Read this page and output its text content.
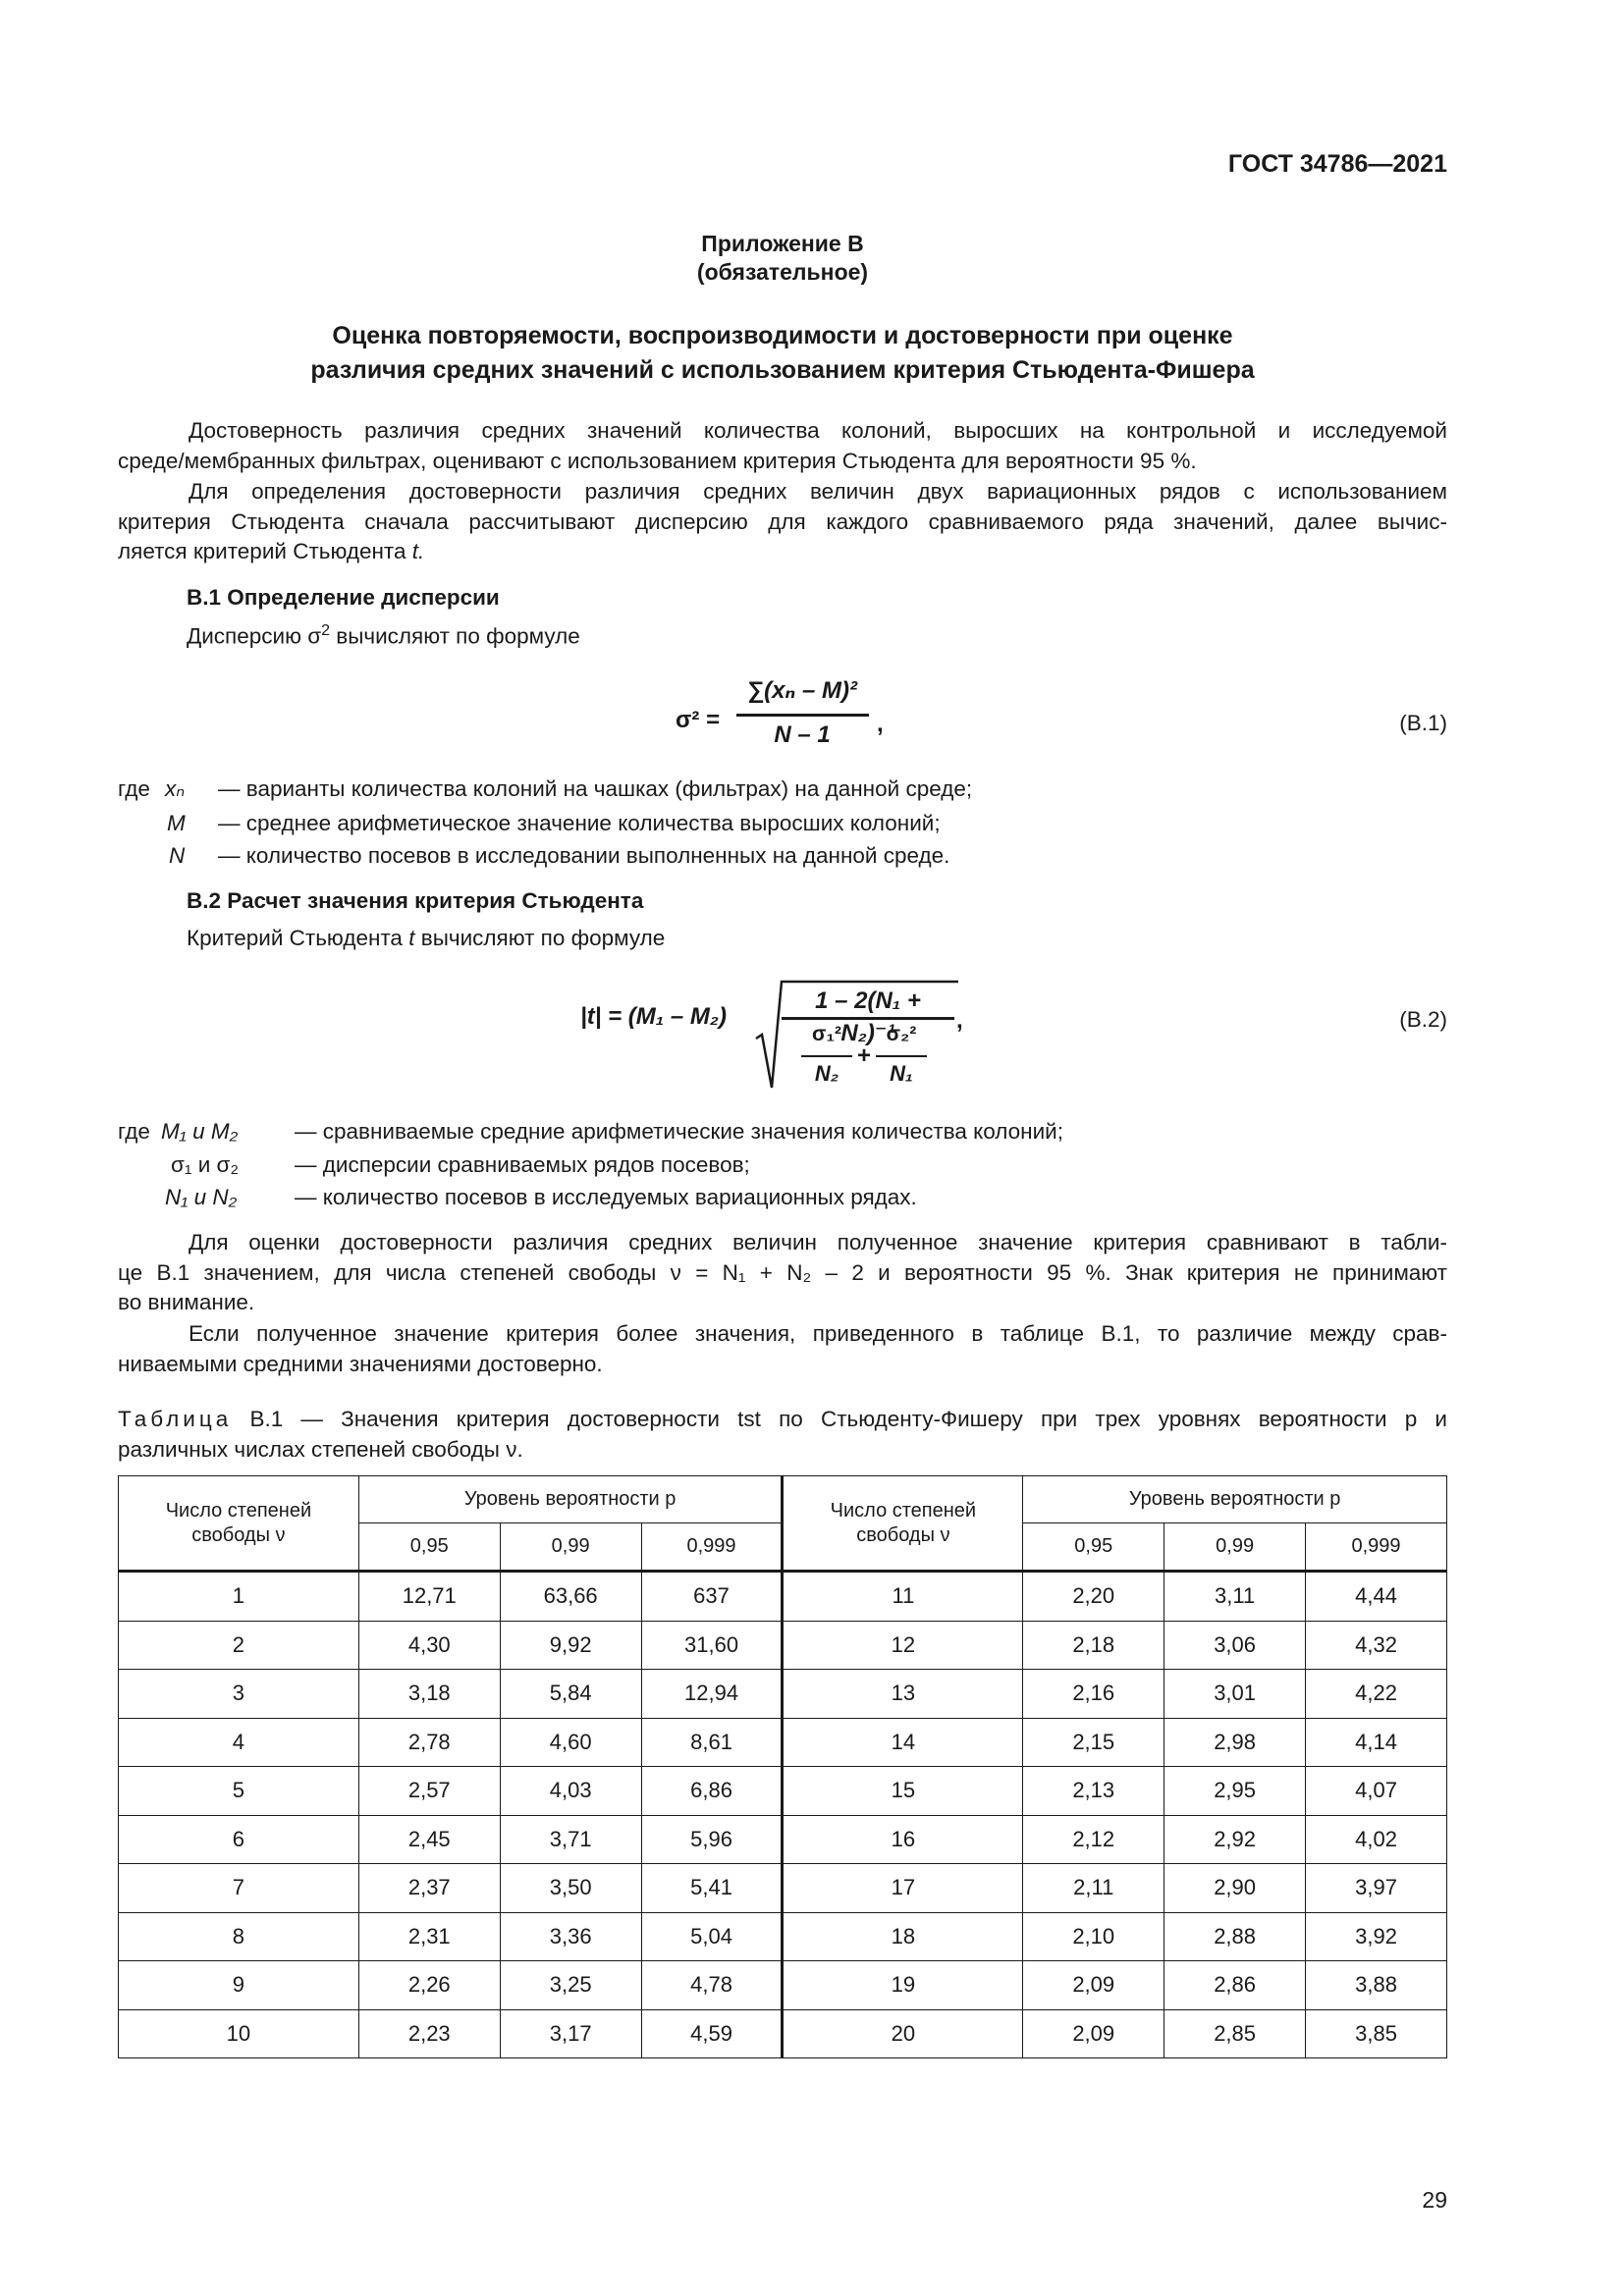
ГОСТ 34786—2021
Приложение В
(обязательное)
Оценка повторяемости, воспроизводимости и достоверности при оценке
различия средних значений с использованием критерия Стьюдента-Фишера
Достоверность различия средних значений количества колоний, выросших на контрольной и исследуемой
среде/мембранных фильтрах, оценивают с использованием критерия Стьюдента для вероятности 95 %.
Для определения достоверности различия средних величин двух вариационных рядов с использованием
критерия Стьюдента сначала рассчитывают дисперсию для каждого сравниваемого ряда значений, далее вычис-
ляется критерий Стьюдента t.
В.1 Определение дисперсии
Дисперсию $\sigma^2$ вычисляют по формуле
σ² =
∑(xₙ – M)²
N – 1	,	(В.1)
где xₙ — варианты количества колоний на чашках (фильтрах) на данной среде;
M — среднее арифметическое значение количества выросших колоний;
N — количество посевов в исследовании выполненных на данной среде.
В.2 Расчет значения критерия Стьюдента
Критерий Стьюдента t вычисляют по формуле
|t| = (M₁ – M₂)
1 – 2(N₁ + N₂)⁻¹
σ₁²
N₂
+
σ₂²
N₁
,	(В.2)
где M₁ и M₂	— сравниваемые средние арифметические значения количества колоний;
σ₁ и σ₂	— дисперсии сравниваемых рядов посевов;
N₁ и N₂	— количество посевов в исследуемых вариационных рядах.
Для оценки достоверности различия средних величин полученное значение критерия сравнивают в табли-
це В.1 значением, для числа степеней свободы ν = N₁ + N₂ – 2 и вероятности 95 %. Знак критерия не принимают
во внимание.
Если полученное значение критерия более значения, приведенного в таблице В.1, то различие между срав-
ниваемыми средними значениями достоверно.
Таблица В.1 — Значения критерия достоверности tst по Стьюденту-Фишеру при трех уровнях вероятности p и
различных числах степеней свободы ν.
Число степеней
свободы ν	Уровень вероятности p			Число степеней
свободы ν	Уровень вероятности p		
	0,95	0,99	0,999		0,95	0,99	0,999
1	12,71	63,66	637	11	2,20	3,11	4,44
2	4,30	9,92	31,60	12	2,18	3,06	4,32
3	3,18	5,84	12,94	13	2,16	3,01	4,22
4	2,78	4,60	8,61	14	2,15	2,98	4,14
5	2,57	4,03	6,86	15	2,13	2,95	4,07
6	2,45	3,71	5,96	16	2,12	2,92	4,02
7	2,37	3,50	5,41	17	2,11	2,90	3,97
8	2,31	3,36	5,04	18	2,10	2,88	3,92
9	2,26	3,25	4,78	19	2,09	2,86	3,88
10	2,23	3,17	4,59	20	2,09	2,85	3,85
29
